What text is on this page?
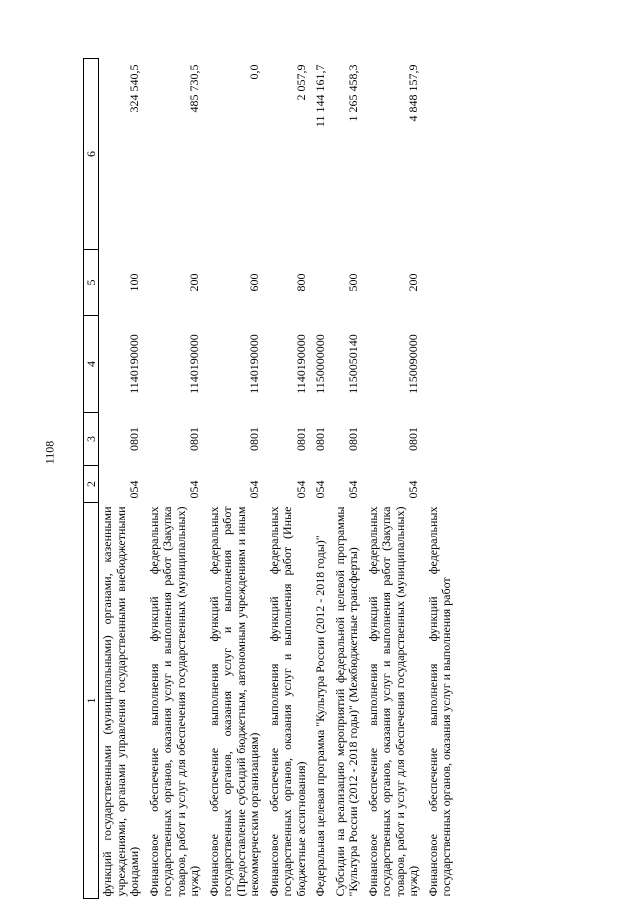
1108
1	2	3	4	5	6
функций государственными (муниципальными) органами, казенными учреждениями, органами управления государственными внебюджетными фондами)	054	0801	1140190000	100	324 540,5
Финансовое обеспечение выполнения функций федеральных государственных органов, оказания услуг и выполнения работ (Закупка товаров, работ и услуг для обеспечения государственных (муниципальных) нужд)	054	0801	1140190000	200	485 730,5
Финансовое обеспечение выполнения функций федеральных государственных органов, оказания услуг и выполнения работ (Предоставление субсидий бюджетным, автономным учреждениям и иным некоммерческим организациям)	054	0801	1140190000	600	0,0
Финансовое обеспечение выполнения функций федеральных государственных органов, оказания услуг и выполнения работ (Иные бюджетные ассигнования)	054	0801	1140190000	800	2 057,9
Федеральная целевая программа "Культура России (2012 - 2018 годы)"	054	0801	1150000000		11 144 161,7
Субсидии на реализацию мероприятий федеральной целевой программы "Культура России (2012 - 2018 годы)" (Межбюджетные трансферты)	054	0801	1150050140	500	1 265 458,3
Финансовое обеспечение выполнения функций федеральных государственных органов, оказания услуг и выполнения работ (Закупка товаров, работ и услуг для обеспечения государственных (муниципальных) нужд)	054	0801	1150090000	200	4 848 157,9
Финансовое обеспечение выполнения функций федеральных государственных органов, оказания услуг и выполнения работ					
